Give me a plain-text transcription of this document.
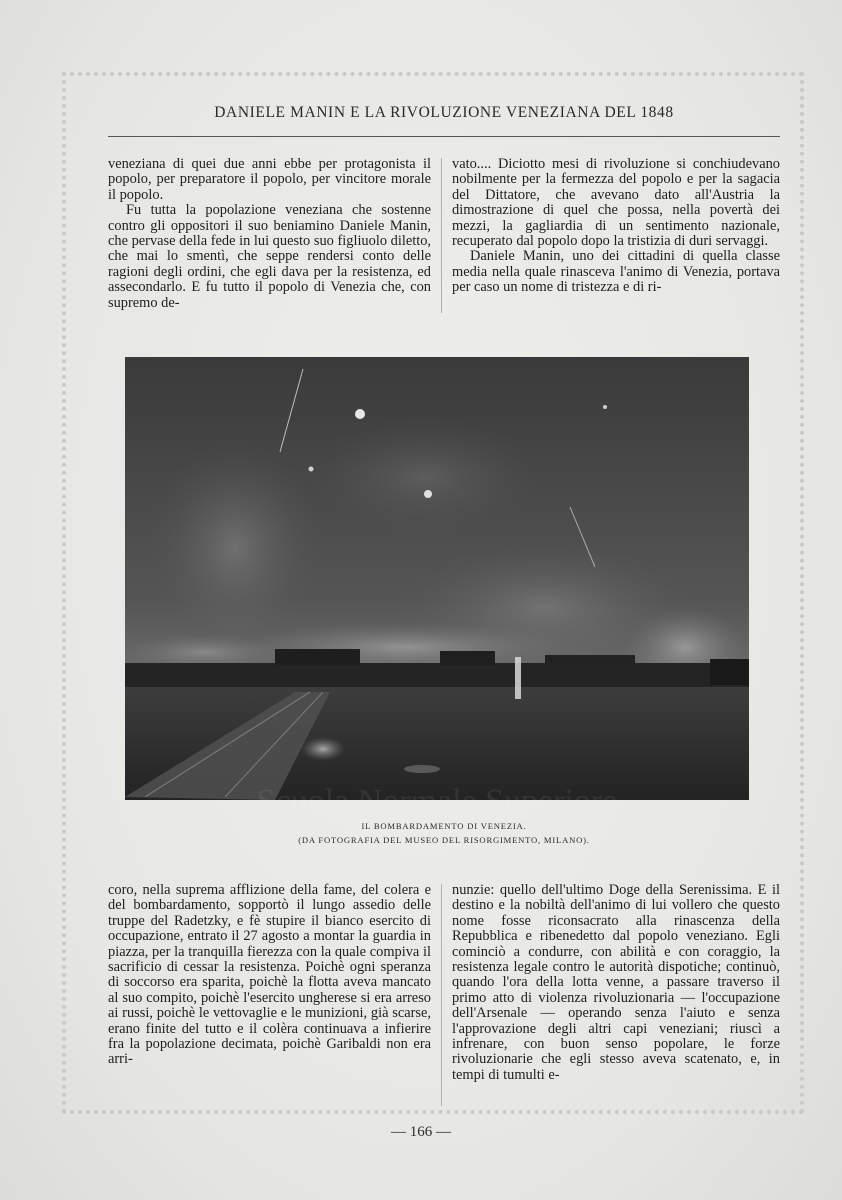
DANIELE MANIN E LA RIVOLUZIONE VENEZIANA DEL 1848

veneziana di quei due anni ebbe per protagonista il popolo, per preparatore il popolo, per vincitore morale il popolo.

Fu tutta la popolazione veneziana che sostenne contro gli oppositori il suo beniamino Daniele Manin, che pervase della fede in lui questo suo figliuolo diletto, che mai lo smentì, che seppe rendersi conto delle ragioni degli ordini, che egli dava per la resistenza, ed assecondarlo. E fu tutto il popolo di Venezia che, con supremo de-

vato.... Diciotto mesi di rivoluzione si conchiudevano nobilmente per la fermezza del popolo e per la sagacia del Dittatore, che avevano dato all'Austria la dimostrazione di quel che possa, nella povertà dei mezzi, la gagliardia di un sentimento nazionale, recuperato dal popolo dopo la tristizia di duri servaggi.

Daniele Manin, uno dei cittadini di quella classe media nella quale rinasceva l'animo di Venezia, portava per caso un nome di tristezza e di ri-

Scuola Normale Superiore
IL BOMBARDAMENTO DI VENEZIA.
(DA FOTOGRAFIA DEL MUSEO DEL RISORGIMENTO, MILANO).

coro, nella suprema afflizione della fame, del colera e del bombardamento, sopportò il lungo assedio delle truppe del Radetzky, e fè stupire il bianco esercito di occupazione, entrato il 27 agosto a montar la guardia in piazza, per la tranquilla fierezza con la quale compiva il sacrificio di cessar la resistenza. Poichè ogni speranza di soccorso era sparita, poichè la flotta aveva mancato al suo compito, poichè l'esercito ungherese si era arreso ai russi, poichè le vettovaglie e le munizioni, già scarse, erano finite del tutto e il colèra continuava a infierire fra la popolazione decimata, poichè Garibaldi non era arri-

nunzie: quello dell'ultimo Doge della Serenissima. E il destino e la nobiltà dell'animo di lui vollero che questo nome fosse riconsacrato alla rinascenza della Repubblica e ribenedetto dal popolo veneziano. Egli cominciò a condurre, con abilità e con coraggio, la resistenza legale contro le autorità dispotiche; continuò, quando l'ora della lotta venne, a passare traverso il primo atto di violenza rivoluzionaria — l'occupazione dell'Arsenale — operando senza l'aiuto e senza l'approvazione degli altri capi veneziani; riuscì a infrenare, con buon senso popolare, le forze rivoluzionarie che egli stesso aveva scatenato, e, in tempi di tumulti e-

— 166 —
